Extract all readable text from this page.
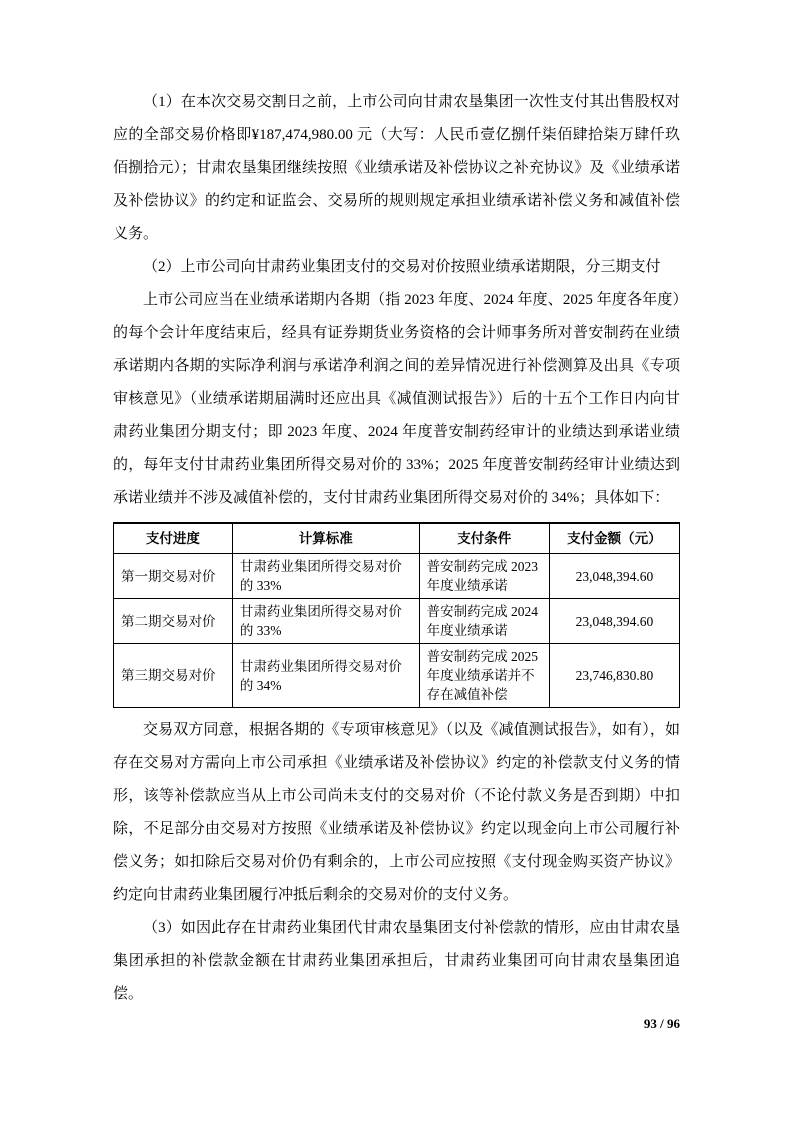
（1）在本次交易交割日之前，上市公司向甘肃农垦集团一次性支付其出售股权对应的全部交易价格即¥187,474,980.00 元（大写：人民币壹亿捌仟柒佰肆拾柒万肆仟玖佰捌拾元）；甘肃农垦集团继续按照《业绩承诺及补偿协议之补充协议》及《业绩承诺及补偿协议》的约定和证监会、交易所的规则规定承担业绩承诺补偿义务和减值补偿义务。

（2）上市公司向甘肃药业集团支付的交易对价按照业绩承诺期限，分三期支付

上市公司应当在业绩承诺期内各期（指 2023 年度、2024 年度、2025 年度各年度）的每个会计年度结束后，经具有证券期货业务资格的会计师事务所对普安制药在业绩承诺期内各期的实际净利润与承诺净利润之间的差异情况进行补偿测算及出具《专项审核意见》（业绩承诺期届满时还应出具《减值测试报告》）后的十五个工作日内向甘肃药业集团分期支付；即 2023 年度、2024 年度普安制药经审计的业绩达到承诺业绩的，每年支付甘肃药业集团所得交易对价的 33%；2025 年度普安制药经审计业绩达到承诺业绩并不涉及减值补偿的，支付甘肃药业集团所得交易对价的 34%；具体如下：

支付进度	计算标准	支付条件	支付金额（元）
第一期交易对价	甘肃药业集团所得交易对价的 33%	普安制药完成 2023 年度业绩承诺	23,048,394.60
第二期交易对价	甘肃药业集团所得交易对价的 33%	普安制药完成 2024 年度业绩承诺	23,048,394.60
第三期交易对价	甘肃药业集团所得交易对价的 34%	普安制药完成 2025 年度业绩承诺并不存在减值补偿	23,746,830.80

交易双方同意，根据各期的《专项审核意见》（以及《减值测试报告》，如有），如存在交易对方需向上市公司承担《业绩承诺及补偿协议》约定的补偿款支付义务的情形，该等补偿款应当从上市公司尚未支付的交易对价（不论付款义务是否到期）中扣除，不足部分由交易对方按照《业绩承诺及补偿协议》约定以现金向上市公司履行补偿义务；如扣除后交易对价仍有剩余的，上市公司应按照《支付现金购买资产协议》约定向甘肃药业集团履行冲抵后剩余的交易对价的支付义务。

（3）如因此存在甘肃药业集团代甘肃农垦集团支付补偿款的情形，应由甘肃农垦集团承担的补偿款金额在甘肃药业集团承担后，甘肃药业集团可向甘肃农垦集团追偿。

93 / 96
